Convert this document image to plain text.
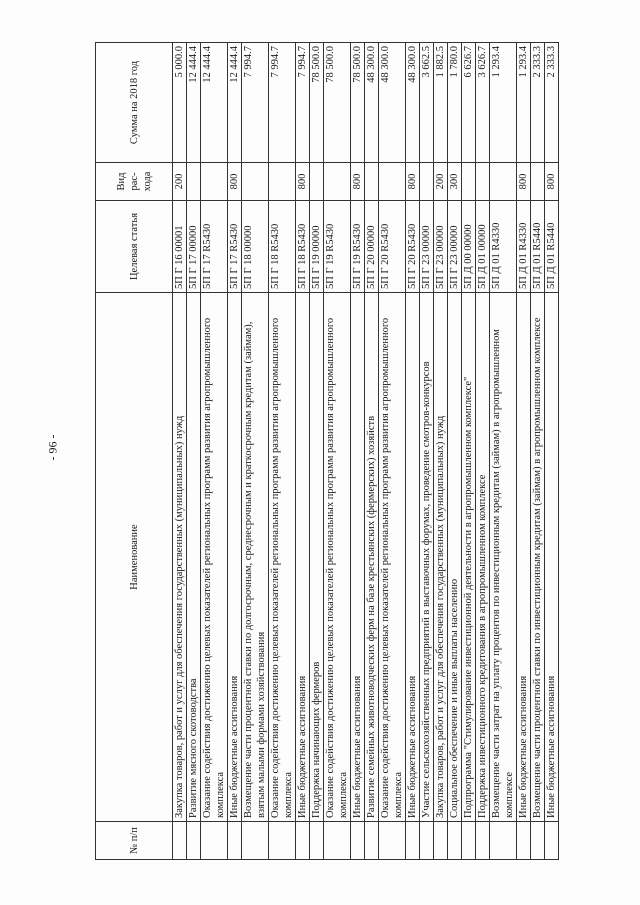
- 96 -
№ п/п	Наименование	Целевая статья	Вид рас- хода	Сумма на 2018 год
	Закупка товаров, работ и услуг для обеспечения государственных (муниципальных) нужд	5П Г 16 00001	200	5 000.0
	Развитие мясного скотоводства	5П Г 17 00000		12 444.4
	Оказание содействия достижению целевых показателей региональных программ развития агропромышленного комплекса	5П Г 17 R5430		12 444.4
	Иные бюджетные ассигнования	5П Г 17 R5430	800	12 444.4
	Возмещение части процентной ставки по долгосрочным, среднесрочным и краткосрочным кредитам (займам), взятым малыми формами хозяйствования	5П Г 18 00000		7 994.7
	Оказание содействия достижению целевых показателей региональных программ развития агропромышленного комплекса	5П Г 18 R5430		7 994.7
	Иные бюджетные ассигнования	5П Г 18 R5430	800	7 994.7
	Поддержка начинающих фермеров	5П Г 19 00000		78 500.0
	Оказание содействия достижению целевых показателей региональных программ развития агропромышленного комплекса	5П Г 19 R5430		78 500.0
	Иные бюджетные ассигнования	5П Г 19 R5430	800	78 500.0
	Развитие семейных животноводческих ферм на базе крестьянских (фермерских) хозяйств	5П Г 20 00000		48 300.0
	Оказание содействия достижению целевых показателей региональных программ развития агропромышленного комплекса	5П Г 20 R5430		48 300.0
	Иные бюджетные ассигнования	5П Г 20 R5430	800	48 300.0
	Участие сельскохозяйственных предприятий в выставочных форумах, проведение смотров-конкурсов	5П Г 23 00000		3 662.5
	Закупка товаров, работ и услуг для обеспечения государственных (муниципальных) нужд	5П Г 23 00000	200	1 882.5
	Социальное обеспечение и иные выплаты населению	5П Г 23 00000	300	1 780.0
	Подпрограмма "Стимулирование инвестиционной деятельности в агропромышленном комплексе"	5П Д 00 00000		6 626.7
	Поддержка инвестиционного кредитования в агропромышленном комплексе	5П Д 01 00000		3 626.7
	Возмещение части затрат на уплату процентов по инвестиционным кредитам (займам) в агропромышленном комплексе	5П Д 01 R4330		1 293.4
	Иные бюджетные ассигнования	5П Д 01 R4330	800	1 293.4
	Возмещение части процентной ставки по инвестиционным кредитам (займам) в агропромышленном комплексе	5П Д 01 R5440		2 333.3
	Иные бюджетные ассигнования	5П Д 01 R5440	800	2 333.3
